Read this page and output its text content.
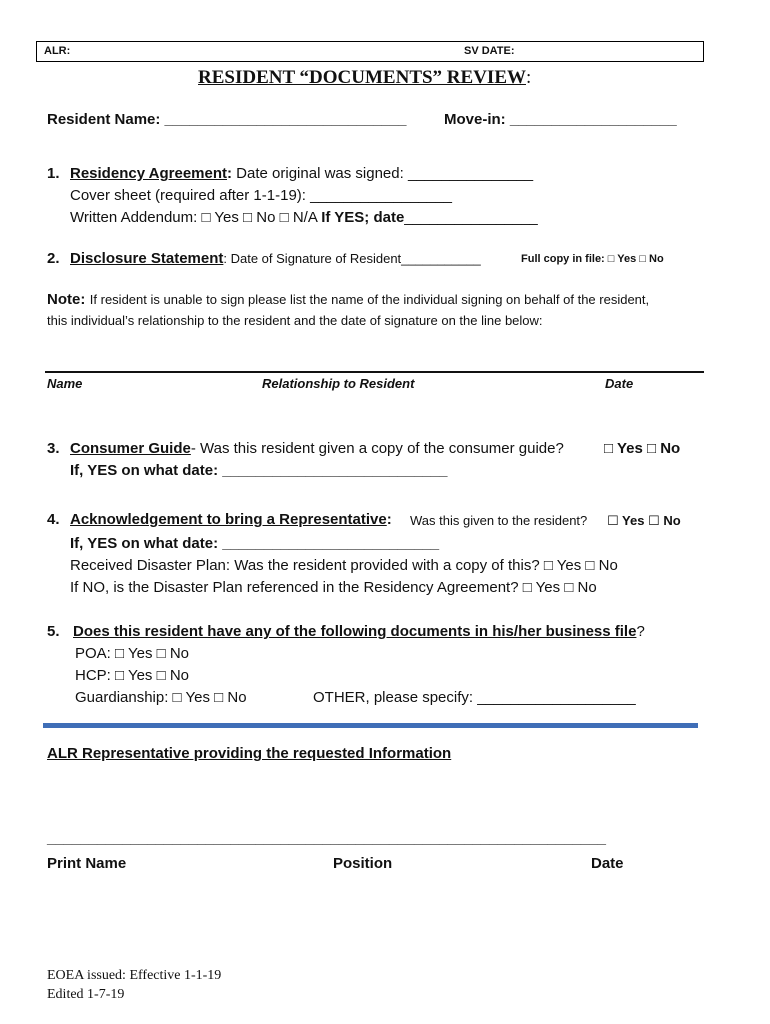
ALR:	SV DATE:
RESIDENT “DOCUMENTS” REVIEW:
Resident Name: _____________________________	Move-in: ____________________
1. Residency Agreement: Date original was signed: _______________
Cover sheet (required after 1-1-19): _________________
Written Addendum: □ Yes □ No □ N/A If YES; date________________
2. Disclosure Statement: Date of Signature of Resident___________	Full copy in file: □ Yes □ No
Note: If resident is unable to sign please list the name of the individual signing on behalf of the resident,
this individual’s relationship to the resident and the date of signature on the line below:
Name	Relationship to Resident	Date
3. Consumer Guide- Was this resident given a copy of the consumer guide?	□ Yes □ No
If, YES on what date: ___________________________
4. Acknowledgement to bring a Representative: Was this given to the resident? ☐ Yes ☐ No
If, YES on what date: __________________________
Received Disaster Plan: Was the resident provided with a copy of this? □ Yes □ No
If NO, is the Disaster Plan referenced in the Residency Agreement? □ Yes □ No
5. Does this resident have any of the following documents in his/her business file?
POA: □ Yes □ No
HCP: □ Yes □ No
Guardianship: □ Yes □ No	OTHER, please specify: ___________________
ALR Representative providing the requested Information
___________________________________________________________________
Print Name	Position	Date
EOEA issued: Effective 1-1-19
Edited 1-7-19
